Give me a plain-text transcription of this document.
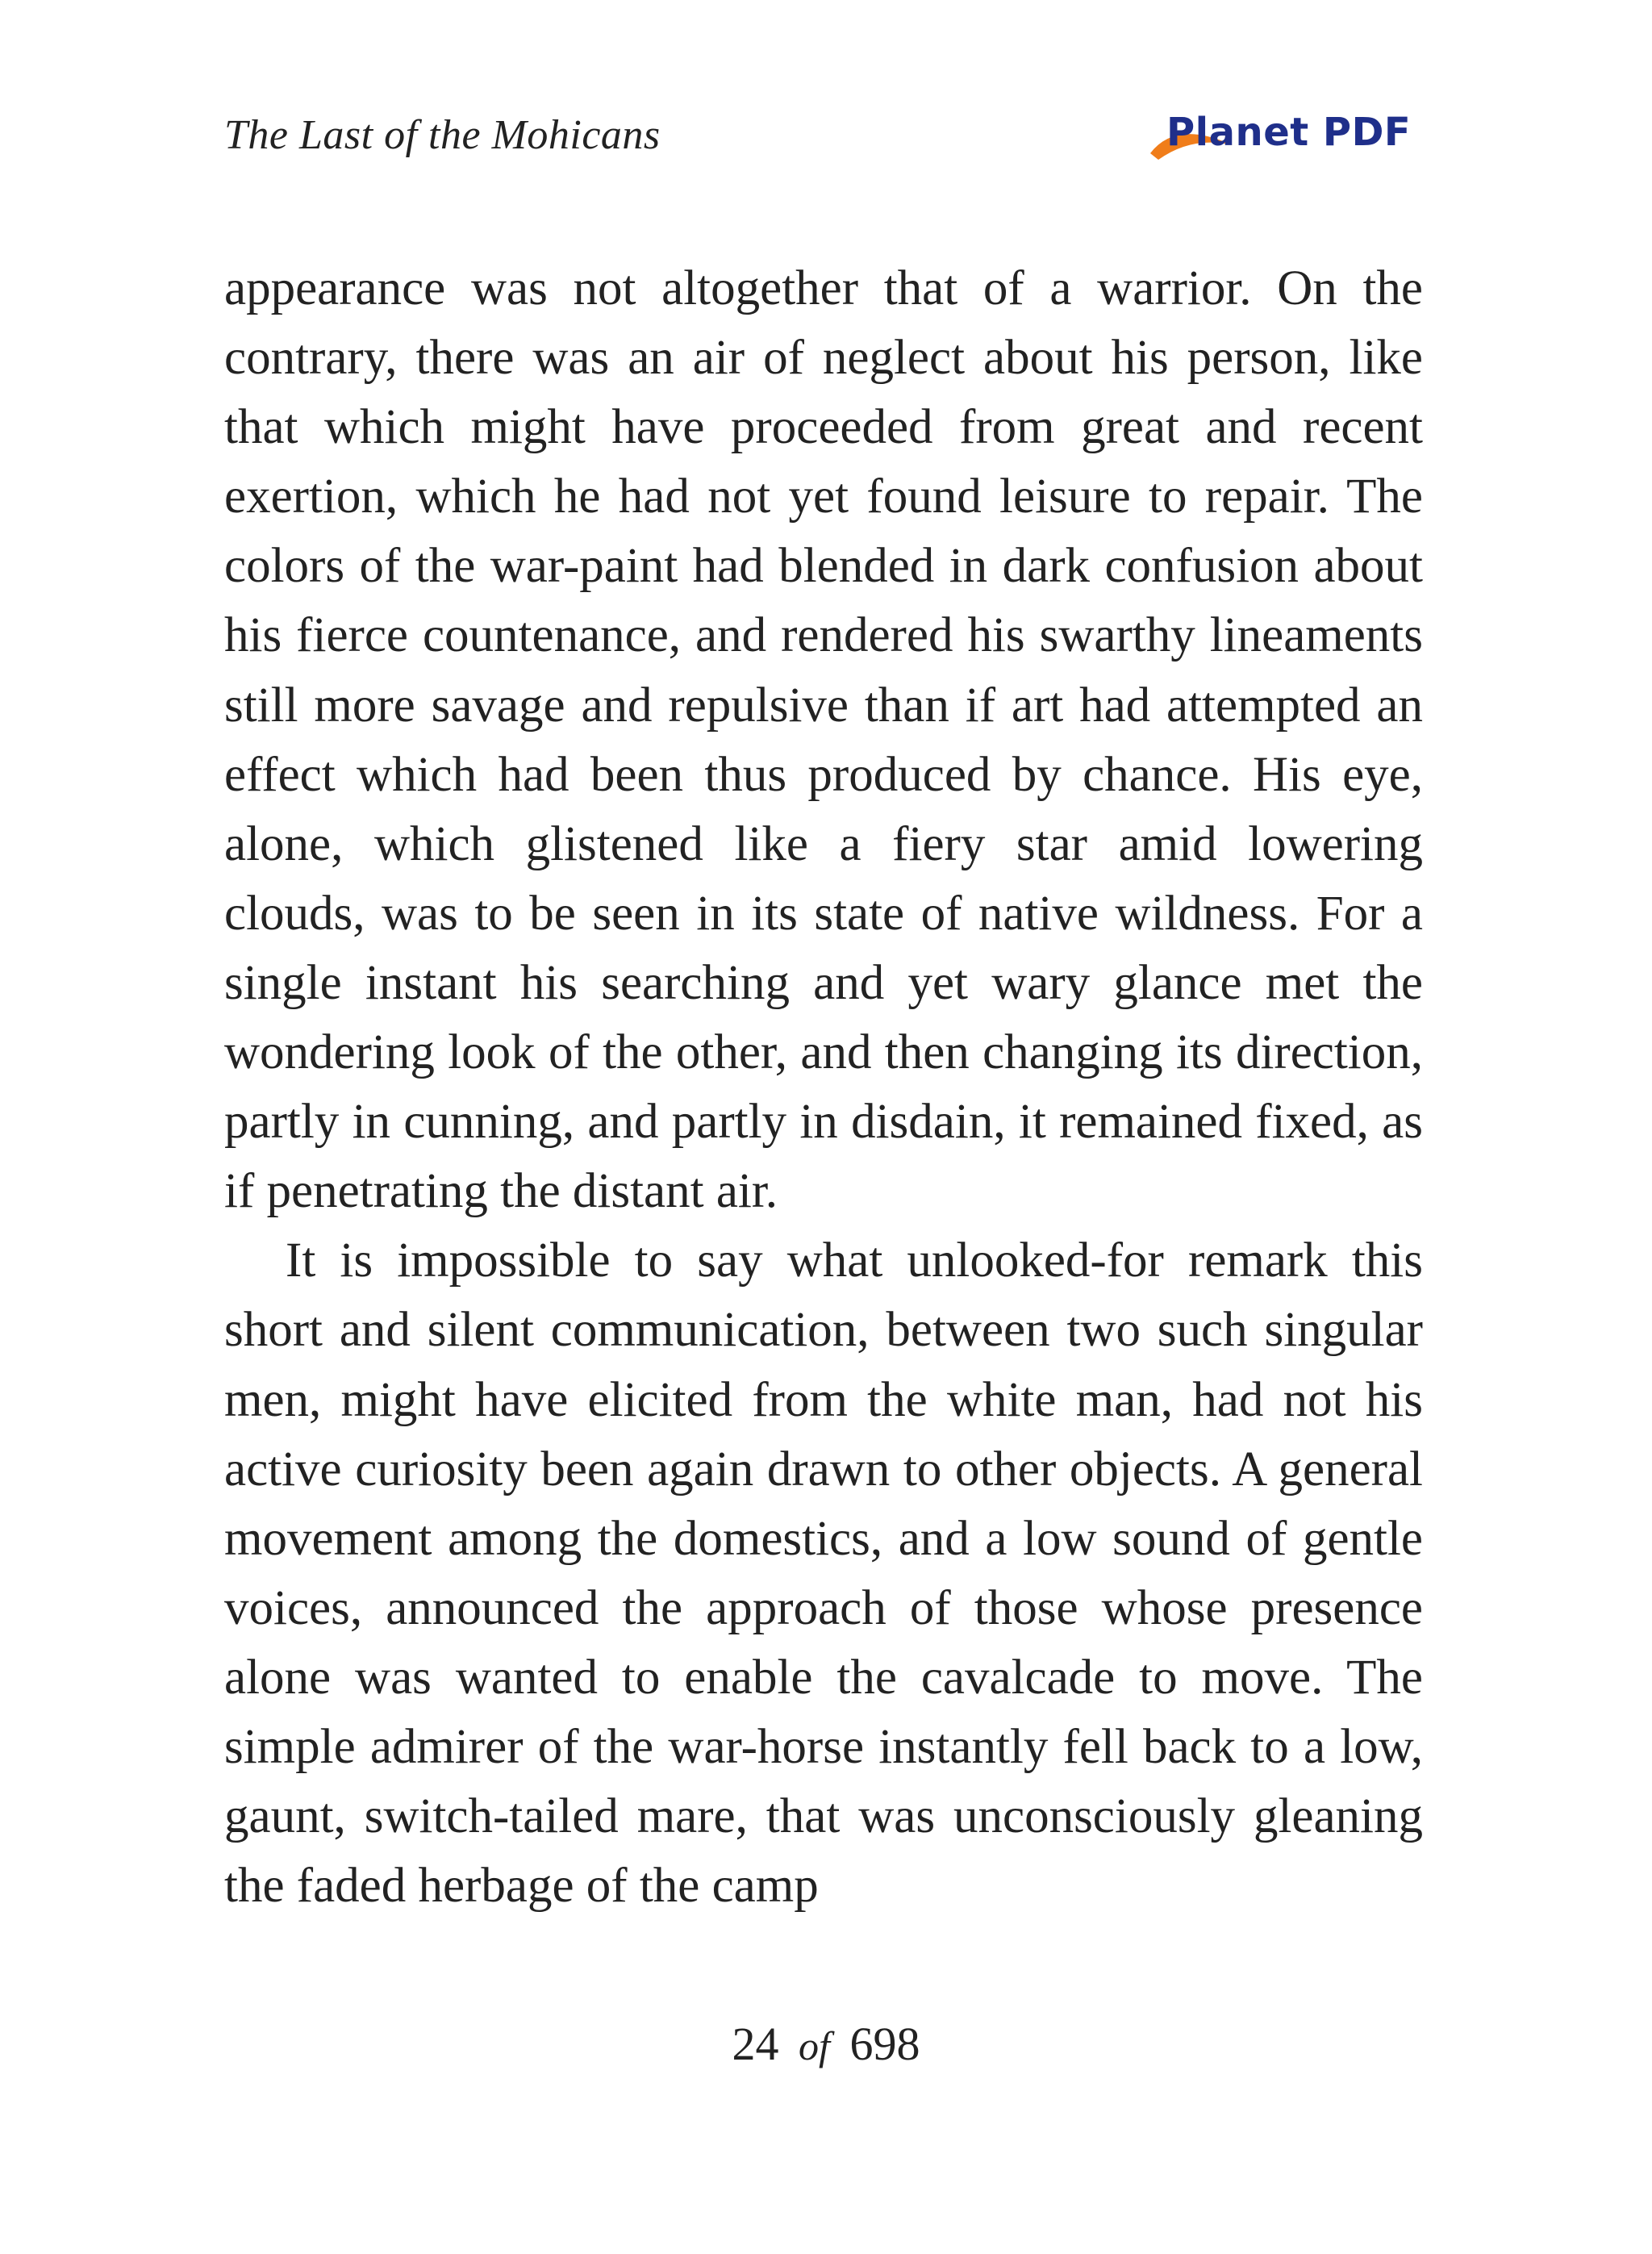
The Last of the Mohicans	Planet PDF

appearance was not altogether that of a warrior. On the contrary, there was an air of neglect about his person, like that which might have proceeded from great and recent exertion, which he had not yet found leisure to repair. The colors of the war-paint had blended in dark confusion about his fierce countenance, and rendered his swarthy lineaments still more savage and repulsive than if art had attempted an effect which had been thus produced by chance. His eye, alone, which glistened like a fiery star amid lowering clouds, was to be seen in its state of native wildness. For a single instant his searching and yet wary glance met the wondering look of the other, and then changing its direction, partly in cunning, and partly in disdain, it remained fixed, as if penetrating the distant air.

It is impossible to say what unlooked-for remark this short and silent communication, between two such singular men, might have elicited from the white man, had not his active curiosity been again drawn to other objects. A general movement among the domestics, and a low sound of gentle voices, announced the approach of those whose presence alone was wanted to enable the cavalcade to move. The simple admirer of the war-horse instantly fell back to a low, gaunt, switch-tailed mare, that was unconsciously gleaning the faded herbage of the camp

24 of 698
